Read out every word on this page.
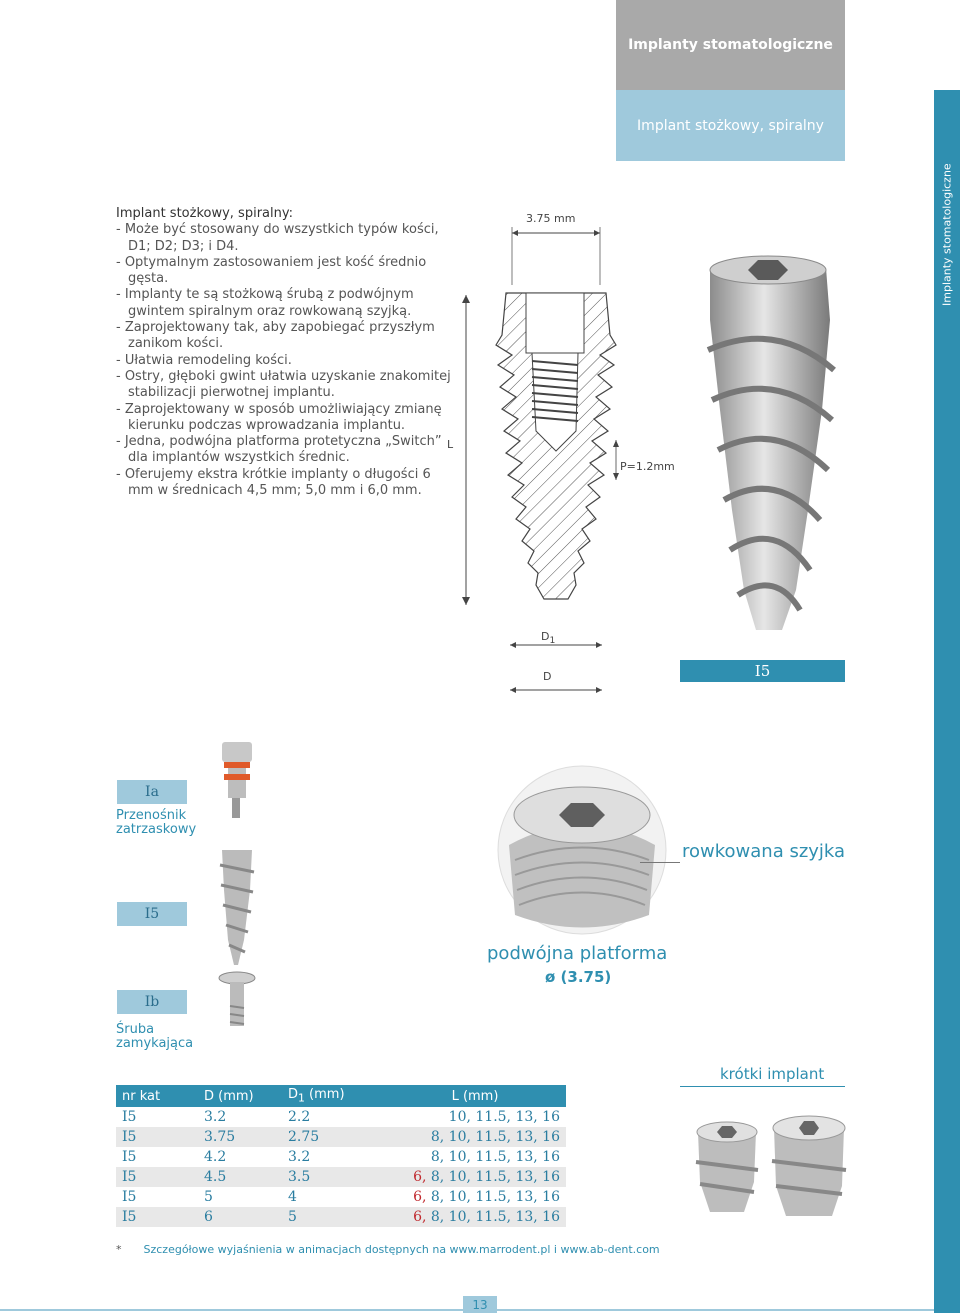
Implanty stomatologiczne
Implant stożkowy, spiralny
Implanty stomatologiczne
Implant stożkowy, spiralny:
- Może być stosowany do wszystkich typów kości, D1; D2; D3; i D4.
- Optymalnym zastosowaniem jest kość średnio gęsta.
- Implanty te są stożkową śrubą z podwójnym gwintem spiralnym oraz rowkowaną szyjką.
- Zaprojektowany tak, aby zapobiegać przyszłym zanikom kości.
- Ułatwia remodeling kości.
- Ostry, głęboki gwint ułatwia uzyskanie znakomitej stabilizacji pierwotnej implantu.
- Zaprojektowany w sposób umożliwiający zmianę kierunku podczas wprowadzania implantu.
- Jedna, podwójna platforma protetyczna „Switch” dla implantów wszystkich średnic.
- Oferujemy ekstra krótkie implanty o długości 6 mm w średnicach 4,5 mm; 5,0 mm i 6,0 mm.
3.75 mm
L
P=1.2mm
$D_1$
D	I5
Ia
Przenośnik zatrzaskowy
I5
Ib
Śruba zamykająca
rowkowana szyjka
podwójna platforma
ø (3.75)
krótki implant
nr kat	D (mm)	$D_1$ (mm)	L (mm)
I5	3.2	2.2	10, 11.5, 13, 16
I5	3.75	2.75	8, 10, 11.5, 13, 16
I5	4.2	3.2	8, 10, 11.5, 13, 16
I5	4.5	3.5	6, 8, 10, 11.5, 13, 16
I5	5	4	6, 8, 10, 11.5, 13, 16
I5	6	5	6, 8, 10, 11.5, 13, 16
* Szczegółowe wyjaśnienia w animacjach dostępnych na www.marrodent.pl i www.ab-dent.com
13
